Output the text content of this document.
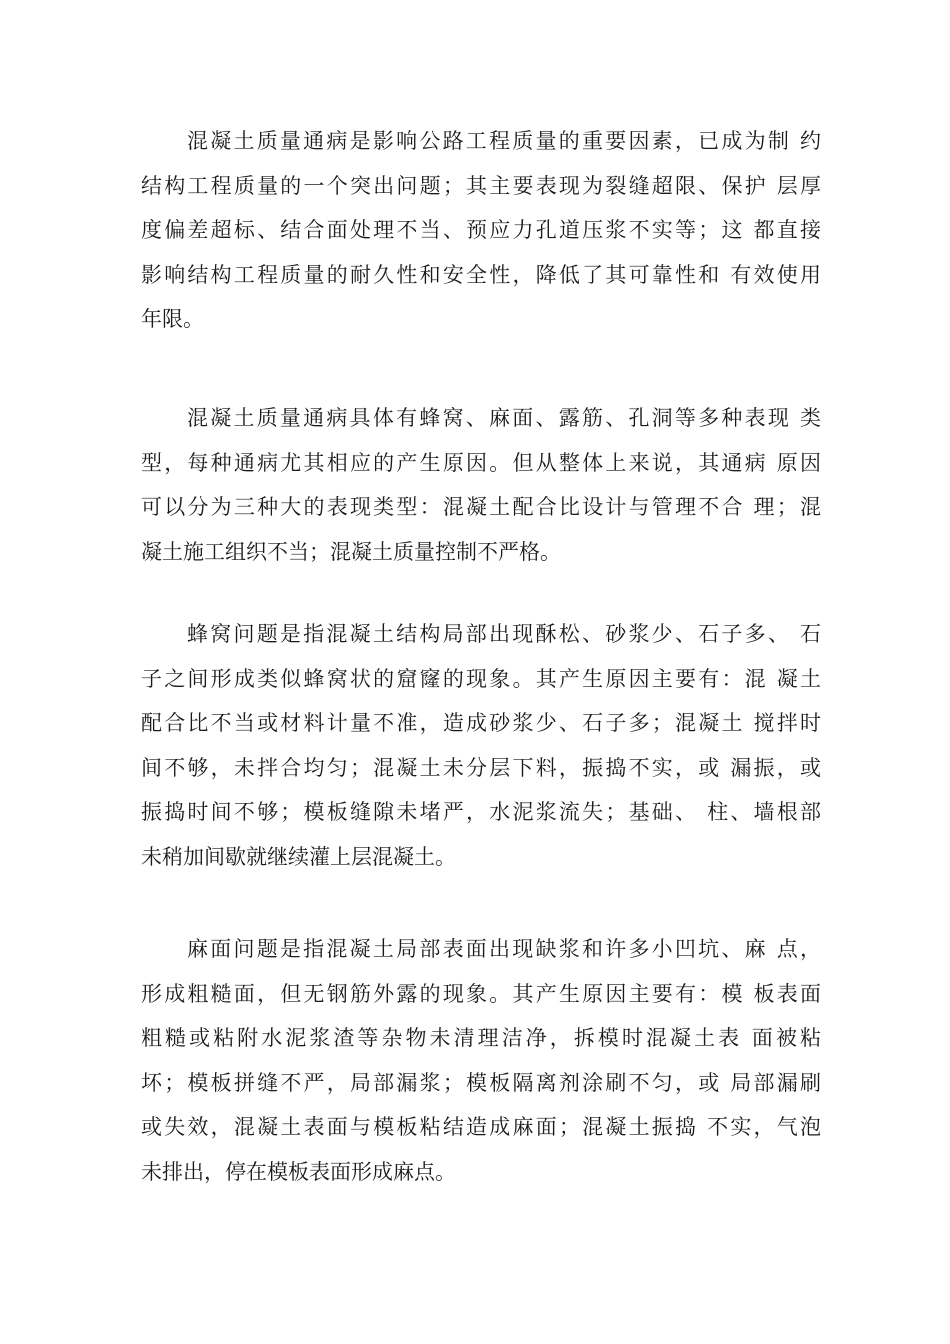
混凝土质量通病是影响公路工程质量的重要因素，已成为制 约
结构工程质量的一个突出问题；其主要表现为裂缝超限、保护 层厚
度偏差超标、结合面处理不当、预应力孔道压浆不实等；这 都直接
影响结构工程质量的耐久性和安全性，降低了其可靠性和 有效使用
年限。
混凝土质量通病具体有蜂窝、麻面、露筋、孔洞等多种表现 类
型，每种通病尤其相应的产生原因。但从整体上来说，其通病 原因
可以分为三种大的表现类型：混凝土配合比设计与管理不合 理；混
凝土施工组织不当；混凝土质量控制不严格。
蜂窝问题是指混凝土结构局部出现酥松、砂浆少、石子多、 石
子之间形成类似蜂窝状的窟窿的现象。其产生原因主要有：混 凝土
配合比不当或材料计量不准，造成砂浆少、石子多；混凝土 搅拌时
间不够，未拌合均匀；混凝土未分层下料，振捣不实，或 漏振，或
振捣时间不够；模板缝隙未堵严，水泥浆流失；基础、 柱、墙根部
未稍加间歇就继续灌上层混凝土。
麻面问题是指混凝土局部表面出现缺浆和许多小凹坑、麻 点，
形成粗糙面，但无钢筋外露的现象。其产生原因主要有：模 板表面
粗糙或粘附水泥浆渣等杂物未清理洁净，拆模时混凝土表 面被粘
坏；模板拼缝不严，局部漏浆；模板隔离剂涂刷不匀，或 局部漏刷
或失效，混凝土表面与模板粘结造成麻面；混凝土振捣 不实，气泡
未排出，停在模板表面形成麻点。
